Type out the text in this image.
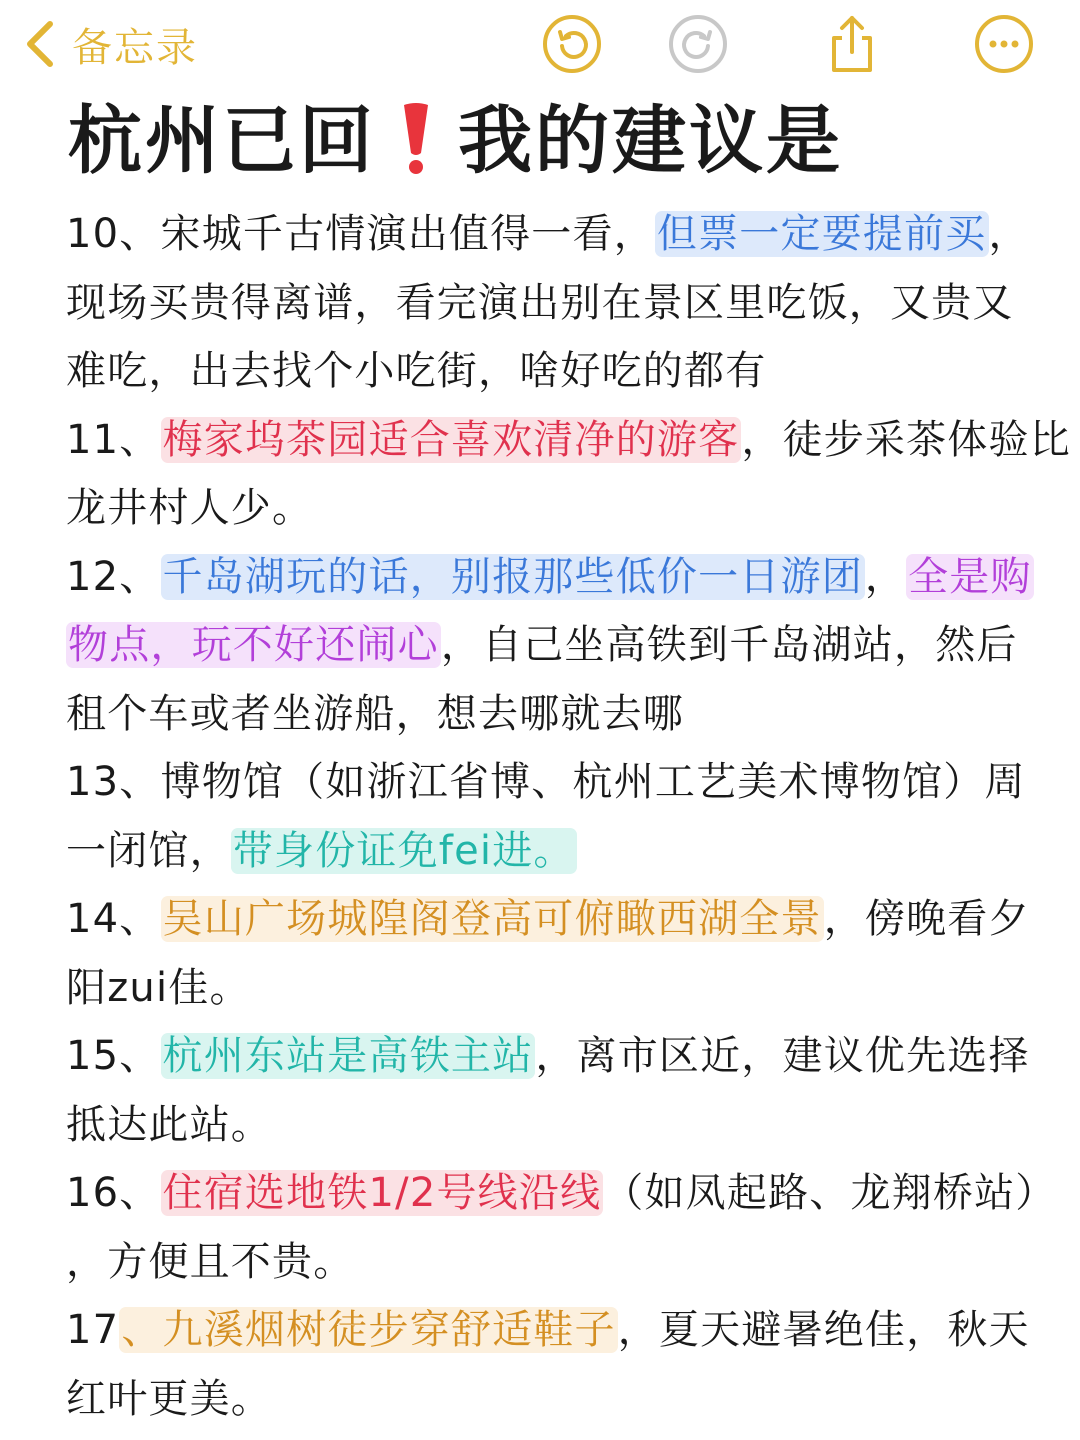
备忘录
杭州已回 我的建议是

10、宋城千古情演出值得一看，但票一定要提前买，
现场买贵得离谱，看完演出别在景区里吃饭，又贵又
难吃，出去找个小吃街，啥好吃的都有

11、梅家坞茶园适合喜欢清净的游客，徒步采茶体验比
龙井村人少。

12、千岛湖玩的话，别报那些低价一日游团，全是购
物点，玩不好还闹心，自己坐高铁到千岛湖站，然后
租个车或者坐游船，想去哪就去哪

13、博物馆（如浙江省博、杭州工艺美术博物馆）周
一闭馆，带身份证免fei进。

14、吴山广场城隍阁登高可俯瞰西湖全景，傍晚看夕
阳zui佳。

15、杭州东站是高铁主站，离市区近，建议优先选择
抵达此站。

16、住宿选地铁1/2号线沿线（如凤起路、龙翔桥站）
，方便且不贵。

17、九溪烟树徒步穿舒适鞋子，夏天避暑绝佳，秋天
红叶更美。
